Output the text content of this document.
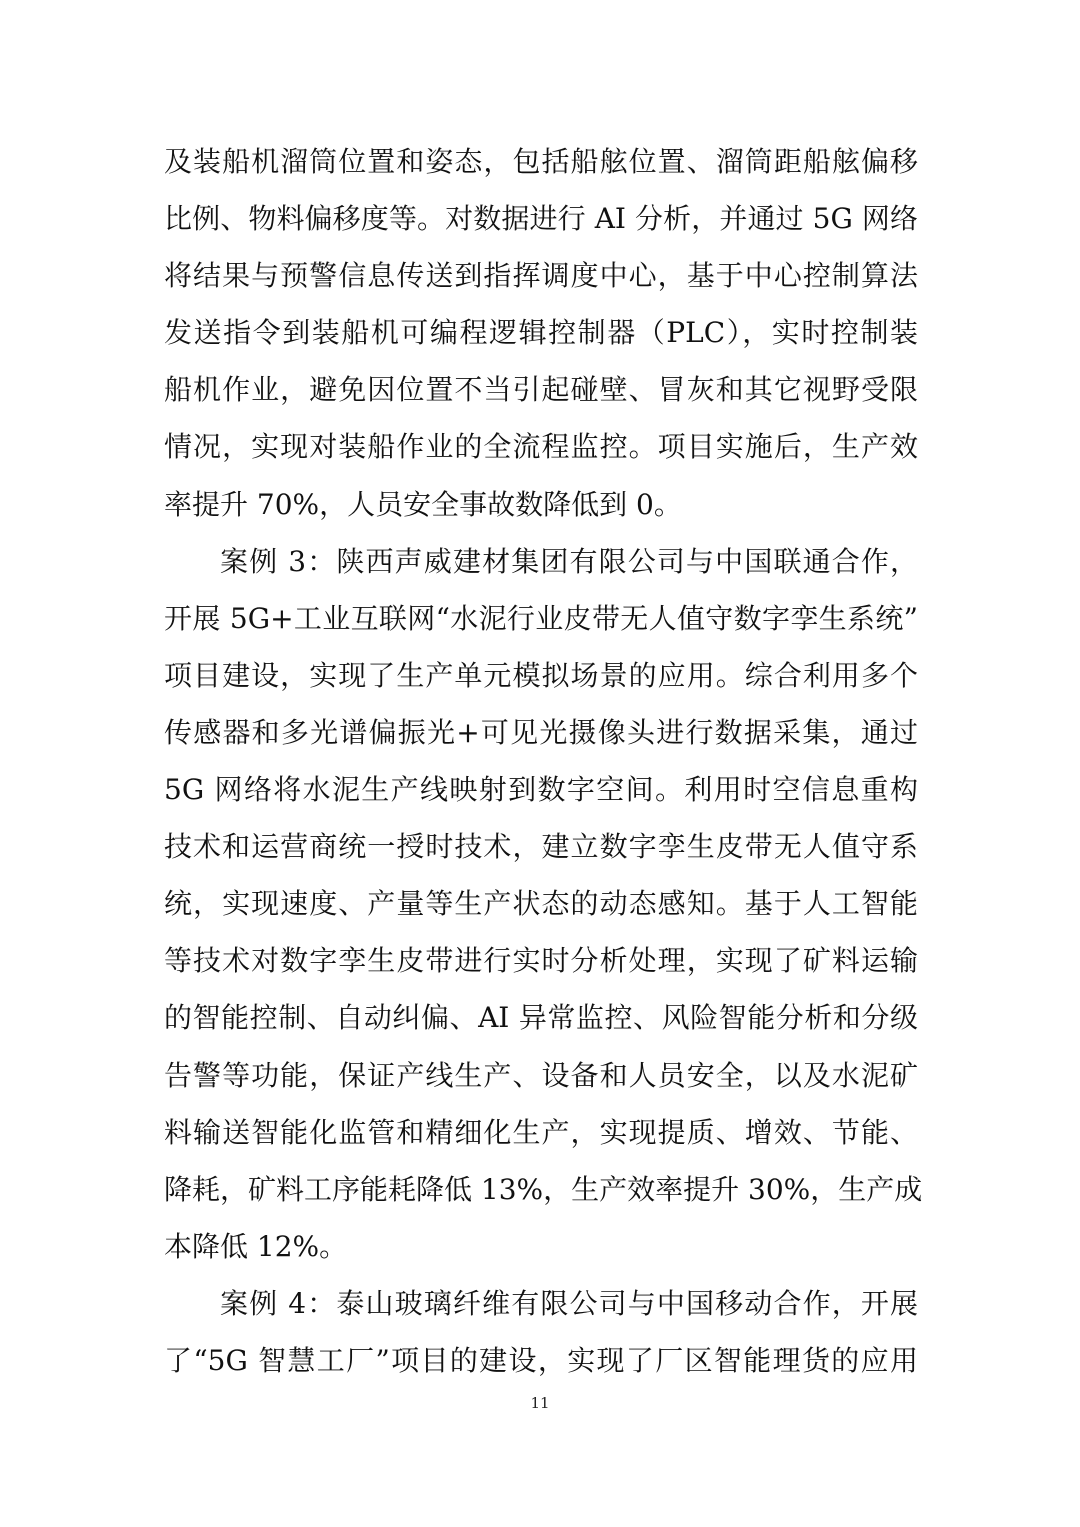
及装船机溜筒位置和姿态，包括船舷位置、溜筒距船舷偏移
比例、物料偏移度等。对数据进行 AI 分析，并通过 5G 网络
将结果与预警信息传送到指挥调度中心，基于中心控制算法
发送指令到装船机可编程逻辑控制器（PLC），实时控制装
船机作业，避免因位置不当引起碰壁、冒灰和其它视野受限
情况，实现对装船作业的全流程监控。项目实施后，生产效
率提升 70%，人员安全事故数降低到 0。
案例 3：陕西声威建材集团有限公司与中国联通合作，
开展 5G+工业互联网“水泥行业皮带无人值守数字孪生系统”
项目建设，实现了生产单元模拟场景的应用。综合利用多个
传感器和多光谱偏振光+可见光摄像头进行数据采集，通过
5G 网络将水泥生产线映射到数字空间。利用时空信息重构
技术和运营商统一授时技术，建立数字孪生皮带无人值守系
统，实现速度、产量等生产状态的动态感知。基于人工智能
等技术对数字孪生皮带进行实时分析处理，实现了矿料运输
的智能控制、自动纠偏、AI 异常监控、风险智能分析和分级
告警等功能，保证产线生产、设备和人员安全，以及水泥矿
料输送智能化监管和精细化生产，实现提质、增效、节能、
降耗，矿料工序能耗降低 13%，生产效率提升 30%，生产成
本降低 12%。
案例 4：泰山玻璃纤维有限公司与中国移动合作，开展
了“5G 智慧工厂”项目的建设，实现了厂区智能理货的应用
11
